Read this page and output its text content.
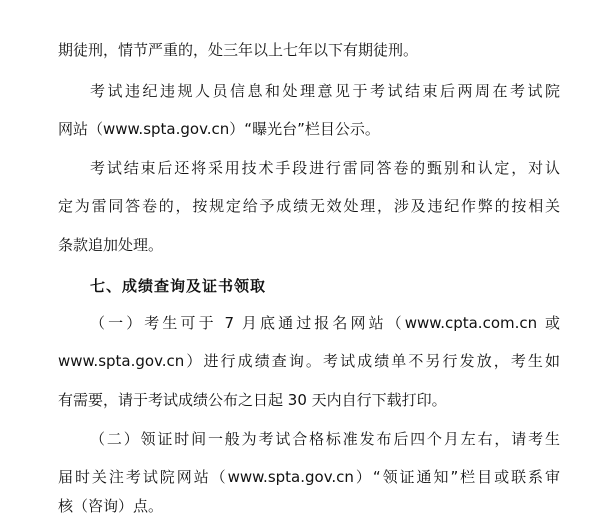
期徒刑，情节严重的，处三年以上七年以下有期徒刑。
考试违纪违规人员信息和处理意见于考试结束后两周在考试院
网站（www.spta.gov.cn）“曝光台”栏目公示。
考试结束后还将采用技术手段进行雷同答卷的甄别和认定，对认
定为雷同答卷的，按规定给予成绩无效处理，涉及违纪作弊的按相关
条款追加处理。
七、成绩查询及证书领取
（一）考生可于 7 月底通过报名网站（www.cpta.com.cn 或
www.spta.gov.cn）进行成绩查询。考试成绩单不另行发放，考生如
有需要，请于考试成绩公布之日起 30 天内自行下载打印。
（二）领证时间一般为考试合格标准发布后四个月左右，请考生
届时关注考试院网站（www.spta.gov.cn）“领证通知”栏目或联系审
核（咨询）点。
